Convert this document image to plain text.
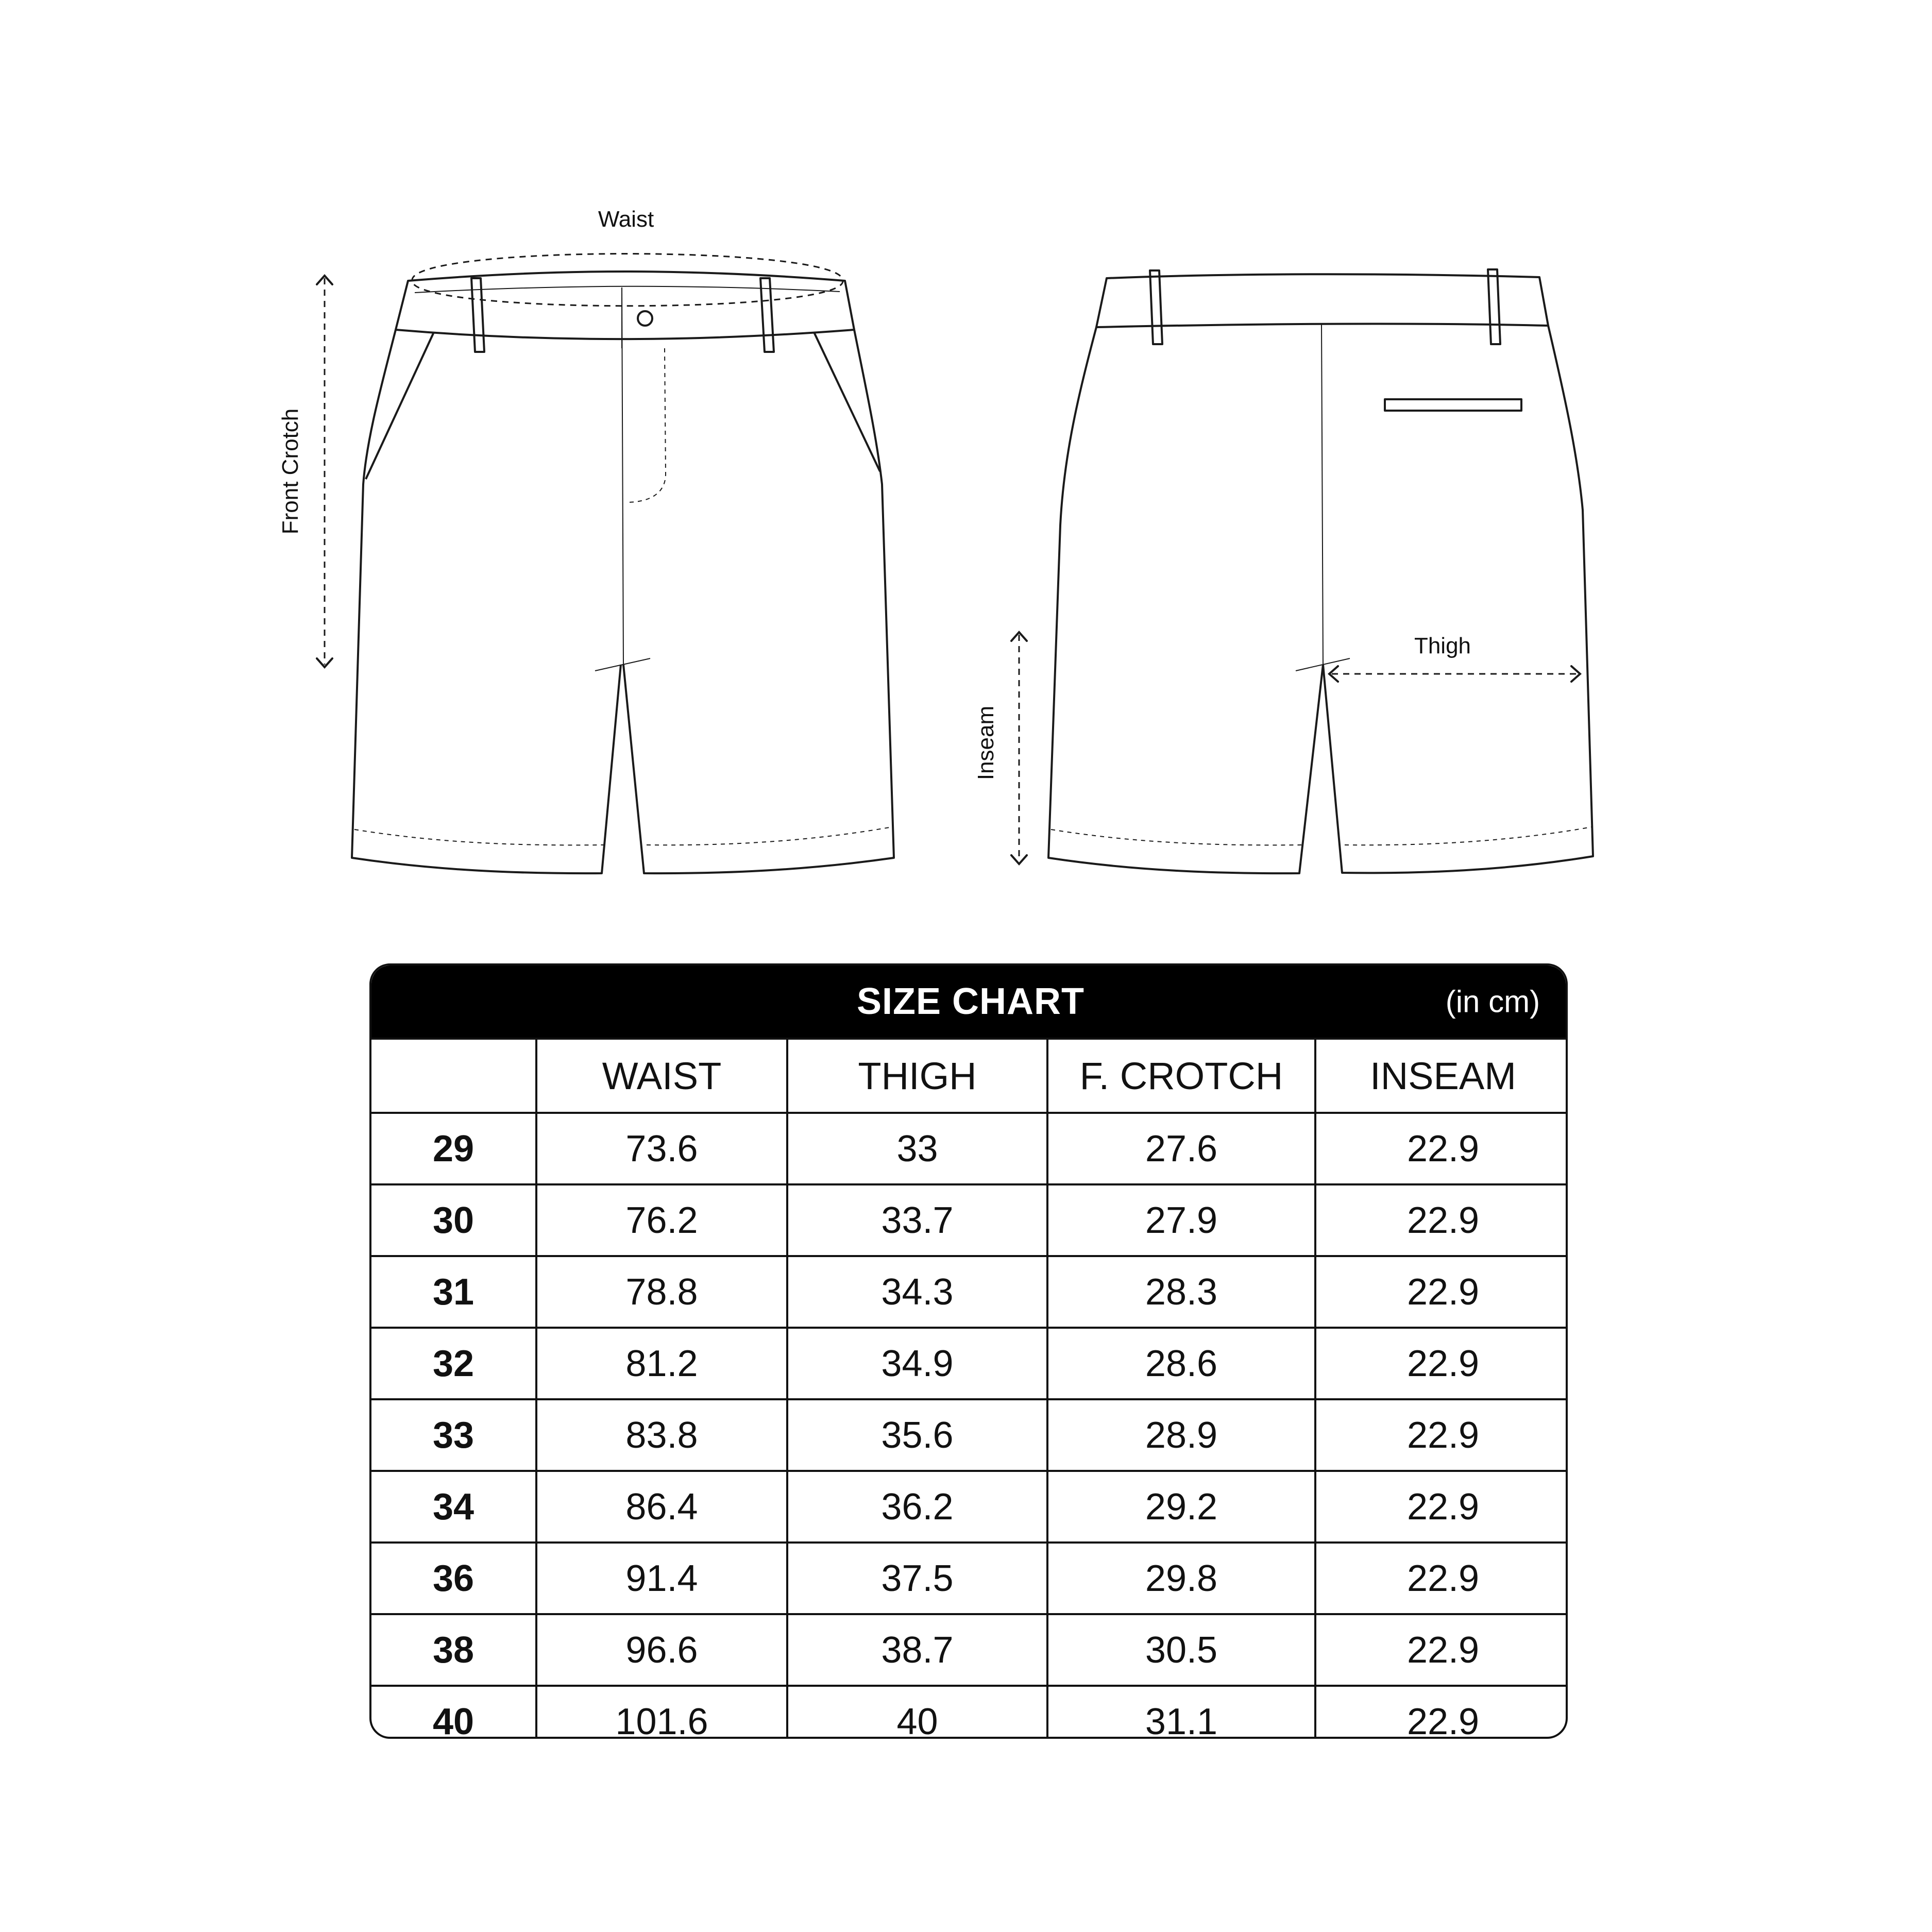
Waist
Front Crotch
Inseam
Thigh
SIZE CHART (in cm)				

	WAIST	THIGH	F. CROTCH	INSEAM
29	73.6	33	27.6	22.9
30	76.2	33.7	27.9	22.9
31	78.8	34.3	28.3	22.9
32	81.2	34.9	28.6	22.9
33	83.8	35.6	28.9	22.9
34	86.4	36.2	29.2	22.9
36	91.4	37.5	29.8	22.9
38	96.6	38.7	30.5	22.9
40	101.6	40	31.1	22.9
